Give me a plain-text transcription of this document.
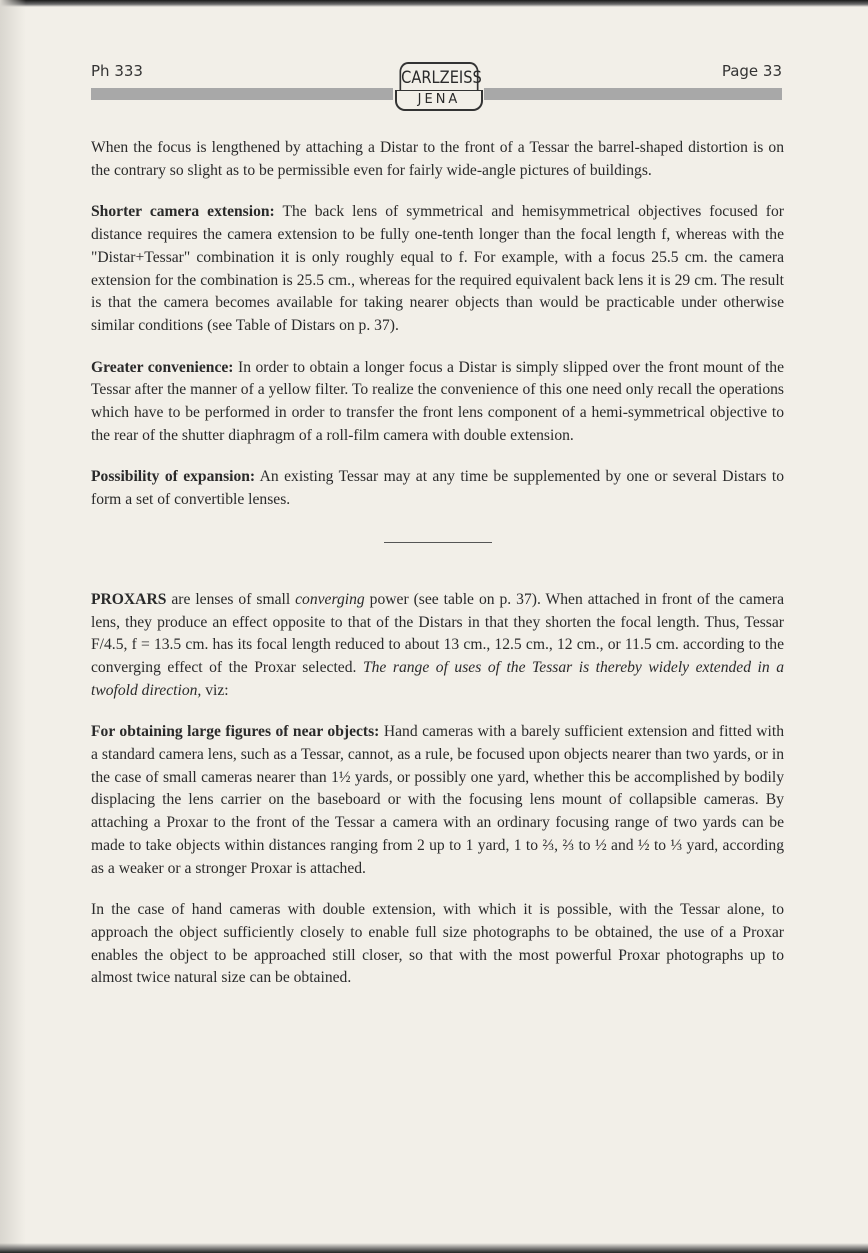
Ph 333	Page 33
CARLZEISS
JENA

When the focus is lengthened by attaching a Distar to the front of a Tessar the barrel-shaped distortion is on the contrary so slight as to be permissible even for fairly wide-angle pictures of buildings.

Shorter camera extension: The back lens of symmetrical and hemisymmetrical objectives focused for distance requires the camera extension to be fully one-tenth longer than the focal length f, whereas with the "Distar+Tessar" combination it is only roughly equal to f. For example, with a focus 25.5 cm. the camera extension for the combination is 25.5 cm., whereas for the required equivalent back lens it is 29 cm. The result is that the camera becomes available for taking nearer objects than would be practicable under otherwise similar conditions (see Table of Distars on p. 37).

Greater convenience: In order to obtain a longer focus a Distar is simply slipped over the front mount of the Tessar after the manner of a yellow filter. To realize the convenience of this one need only recall the operations which have to be performed in order to transfer the front lens component of a hemi-symmetrical objective to the rear of the shutter diaphragm of a roll-film camera with double extension.

Possibility of expansion: An existing Tessar may at any time be supplemented by one or several Distars to form a set of convertible lenses.

PROXARS are lenses of small converging power (see table on p. 37). When attached in front of the camera lens, they produce an effect opposite to that of the Distars in that they shorten the focal length. Thus, Tessar F/4.5, f = 13.5 cm. has its focal length reduced to about 13 cm., 12.5 cm., 12 cm., or 11.5 cm. according to the converging effect of the Proxar selected. The range of uses of the Tessar is thereby widely extended in a twofold direction, viz:

For obtaining large figures of near objects: Hand cameras with a barely sufficient extension and fitted with a standard camera lens, such as a Tessar, cannot, as a rule, be focused upon objects nearer than two yards, or in the case of small cameras nearer than 1½ yards, or possibly one yard, whether this be accomplished by bodily displacing the lens carrier on the baseboard or with the focusing lens mount of collapsible cameras. By attaching a Proxar to the front of the Tessar a camera with an ordinary focusing range of two yards can be made to take objects within distances ranging from 2 up to 1 yard, 1 to ⅔, ⅔ to ½ and ½ to ⅓ yard, according as a weaker or a stronger Proxar is attached.

In the case of hand cameras with double extension, with which it is possible, with the Tessar alone, to approach the object sufficiently closely to enable full size photographs to be obtained, the use of a Proxar enables the object to be approached still closer, so that with the most powerful Proxar photographs up to almost twice natural size can be obtained.
